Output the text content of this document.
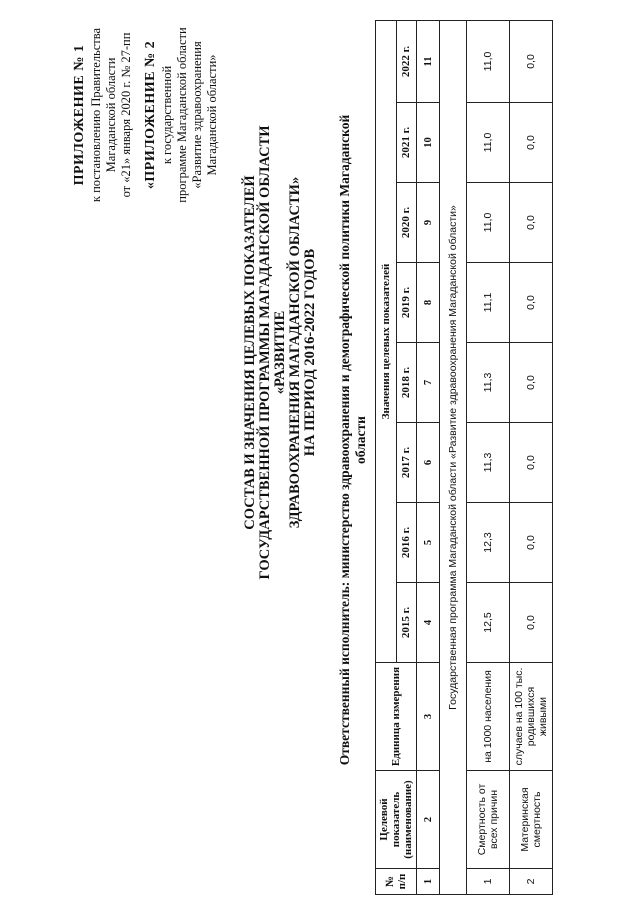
ПРИЛОЖЕНИЕ № 1 к постановлению Правительства Магаданской области от «21» января 2020 г. № 27-пп «ПРИЛОЖЕНИЕ № 2 к государственной программе Магаданской области «Развитие здравоохранения Магаданской области»
СОСТАВ И ЗНАЧЕНИЯ ЦЕЛЕВЫХ ПОКАЗАТЕЛЕЙ ГОСУДАРСТВЕННОЙ ПРОГРАММЫ МАГАДАНСКОЙ ОБЛАСТИ «РАЗВИТИЕ ЗДРАВООХРАНЕНИЯ МАГАДАНСКОЙ ОБЛАСТИ» НА ПЕРИОД 2016-2022 ГОДОВ Ответственный исполнитель: министерство здравоохранения и демографической политики Магаданской области
№ п/п	Целевой показатель (наименование)	Единица измерения	Значения целевых показателей							
			2015 г.	2016 г.	2017 г.	2018 г.	2019 г.	2020 г.	2021 г.	2022 г.
1	2	3	4	5	6	7	8	9	10	11
Государственная программа Магаданской области «Развитие здравоохранения Магаданской области»										
1	Смертность от всех причин	на 1000 населения	12,5	12,3	11,3	11,3	11,1	11,0	11,0	11,0
2	Материнская смертность	случаев на 100 тыс. родившихся живыми	0,0	0,0	0,0	0,0	0,0	0,0	0,0	0,0
